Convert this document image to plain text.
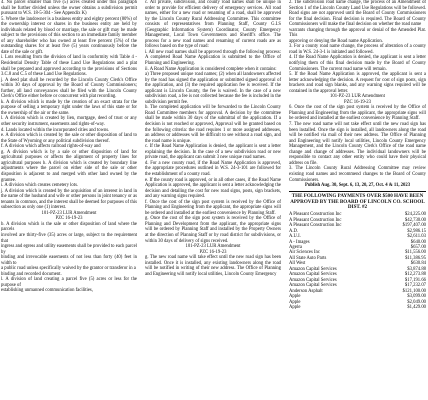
4. No parcel smaller than five (5) acres created under this paragraph shall be further divided unless the owner obtains a subdivision permit pursuant to W.S. 18-5-304 - See Appendix K)

5. Where the landowner is a business entity and eighty percent (80%) of the ownership interest or shares in the business entity are held by individuals related by blood or marriage, the sale or gift may be made subject to the provisions of this section to an immediate family member of any shareholder who has owned at least five percent (5%) of the outstanding shares for at least five (5) years continuously before the date of the sale or gift.

i. Lots resulting from the division of land in conformity with Table 4 - Residential Density Table of these Land Use Regulations and a plat shall be prepared and approved according to the provisions of Sections 3.C.8 and C.5 of these Land Use Regulations.

j. A deed plat shall be recorded by the Lincoln County Clerk's Office within 30 days of approval by the Board of County Commissioners; further, all land conveyances shall be filed with the Lincoln County Clerk's Office either before or concurrent with plat recording.

k. A division which is made by the creation of an exact strata for the purpose of selling a temporary right under the laws of this state or for the ownership of the air or the same.

l. A division which is created by lien, mortgage, deed of trust or any other security instrument, easements and rights-of-way.

d. Lands located within the incorporated cities and towns.

e. A division which is created by the sale or other disposition of land to the State of Wyoming or any political subdivision thereof.

f. A division which affects railroad rights-of-way and

g. A division which is by a sale or other disposition of land for agricultural purposes or affects the alignment of property lines for agricultural purposes h. A division which is created by boundary line adjustments where the parcel on either side of the sale or other disposition is adjacent to and merged with other land owned by the grantee.

i. A division which creates cemetery lots.

j. A division which is created by the acquisition of an interest in land in the name of the husband and wife or other persons in joint tenancy or as tenants in common, and the interest shall be deemed for purposes of this subsection as only one (1) interest.

101-PZ-23 LUR Amendment

PZC 16-19-23

b. A division which is the sale or other disposition of land where the parcels

involved are thirty-five (35) acres or large, subject to the requirement that

ingress and egress and utility easements shall be provided to each parcel by

binding and irrevocable easements of not less than forty (40) feet in width to

a public road unless specifically waived by the grantor or transferor in a

binding and recorded document.

l. A division of land creating a parcel five (5) acres or less for the purpose of

establishing unmanned communication facilities,

c. All private, subdivision, and county road names shall be unique in order to provide for efficient delivery of emergency services. All road names, either for a new road or renaming of a road, shall be approved by the Lincoln County Rural Addressing Committee. This committee consists of representatives from Planning Staff, County G.I.S (Geographic Information System) Coordinator, County Emergency Management, Local Town Governments and Sheriff's office. The process for a new road names and renaming of current roads are as follows based on the type of road:

i. All new road names shall be approved through the following process: A completed Road Name Application is submitted to the Office of Planning and Engineering.

ii. A Road Name Application is considered complete when it contains:

a) Three proposed unique road names; (2) when all landowners affected by the road has signed the application or submitted signed approval of the application, and (3) the required application fee is received. If the applicant is Lincoln County, the fee is waived. In the case of a new subdivision road, a fee is not collected because the fee is included in the subdivision permit fee.

b. The completed application will be forwarded to the Lincoln County Road Committee members for approval. A decision by the committee shall be made within 30 days of the submittal of the application. If a decision is not reached or approved, Approval will be granted based on the following criteria: the road requires 1 or more assigned addresses, an address or addresses will be difficult to see without a road sign, and the road name is unique.

c. If the Road Name Application is denied, the applicant is sent a letter explaining the decision. In the case of a new subdivision road or new private road, the applicant can submit 3 new unique road names.

d. For a new county road, if the Road Name Application is approved, the appropriate procedures outlined in W.S. 24-3-101 are followed for the establishment of a county road.

e. If the county road is approved, or in all other cases, if the Road Name Application is approved, the applicant is sent a letter acknowledging the decision and detailing the cost for new road signs, posts, sign brackets, and any warning signs required.

f. Once the cost of the sign post system is received by the Office of Planning and Engineering from the applicant, the appropriate signs will be ordered and installed at the earliest convenience by Planning Staff.

g. Once the cost of the sign post system is received by the Office of Planning and Development from the applicant, the appropriate signs will be ordered by Planning Staff and installed by the Property Owners at the direction of Planning Staff or by road district for subdivisions, or within 30 days of delivery of signs received.

101-PZ-23 LUR Amendment

PZC 16-19-23

g. The new road name will take effect until the new road sign has been installed. Once it is installed, any existing landowners along the road will be notified in writing of their new address. The Office of Planning and Engineering will notify local utilities, Lincoln County Emergency

2. The subdivision road name change, the process of an Amendment of Section 1 of the Lincoln County Land Use Regulations will be followed. Road signs are not approved until the Board of County Commissioners for the final decision. Final decision is required. The Board of County Commissioners will make the final decision on whether the road name

warrants changing through the approval or denial of the Amended Plat. This

approving or denying the Road name Application.

3. For a county road name change, the process of alteration of a county road in W.S. 24-3-1 is initiated and followed.

4. If the Road Name Application is denied, the applicant is sent a letter notifying them of this final decision made by the Board of County Commissioners. The current road name will remain.

5. If the Road Name Application is approved, the applicant is sent a letter acknowledging the decision. A request for cost of sign posts, sign brackets and road sign blanks, and any warning signs required will be contained in the approval letter.

101-PZ-23 LUR Amendment

PZC 16-19-23

6. Once the cost of the sign post system is received by the Office of Planning and Engineering from the applicant, the appropriate signs will be ordered and installed at the earliest convenience by Planning Staff.

7. The new road name will not take effect until the new road sign has been installed. Once the sign is installed, all landowners along the road will be notified via mail of their new address. The Office of Planning and Engineering will notify local utilities, Lincoln County Emergency Management, and the Lincoln County Clerk's Office of the road name change and change of addresses. The individual landowners will be responsible to contact any other entity who could have their physical address on file.

3. The Lincoln County Rural Addressing Committee may review existing road names and recommend changes to the Board of County Commissioners.

Publish Aug. 30, Sept. 6, 13, 20, 27, Oct. 4 & 11, 2023

THE FOLLOWING PAYMENTS OVER $500 HAVE BEEN APPROVED BY THE BOARD OF LINCOLN CO. SCHOOL DIST. #2
A Pleasant Construction Inc	$24,225.00
A Pleasant Construction Inc	$42,730.00
A Pleasant Construction Inc	$197,407.00
A.D.	$2,986.15
A.U.I.	$2,611.03
A - Images	$640.00
Agerra	$657.00
Air Sciences Inc	$11,556.00
All State Auto Parts	$11,386.95
All West	$630.84
Amazon Capital Services	$3,874.88
Amazon Capital Services	$12,273.88
Amazon Capital Services	$17,191.66
Amazon Capital Services	$17,232.07
Anderson Asphalt	$121,100.00
Apple	$3,099.00
Apple	$2,049.00
Apple	$1,429.00
